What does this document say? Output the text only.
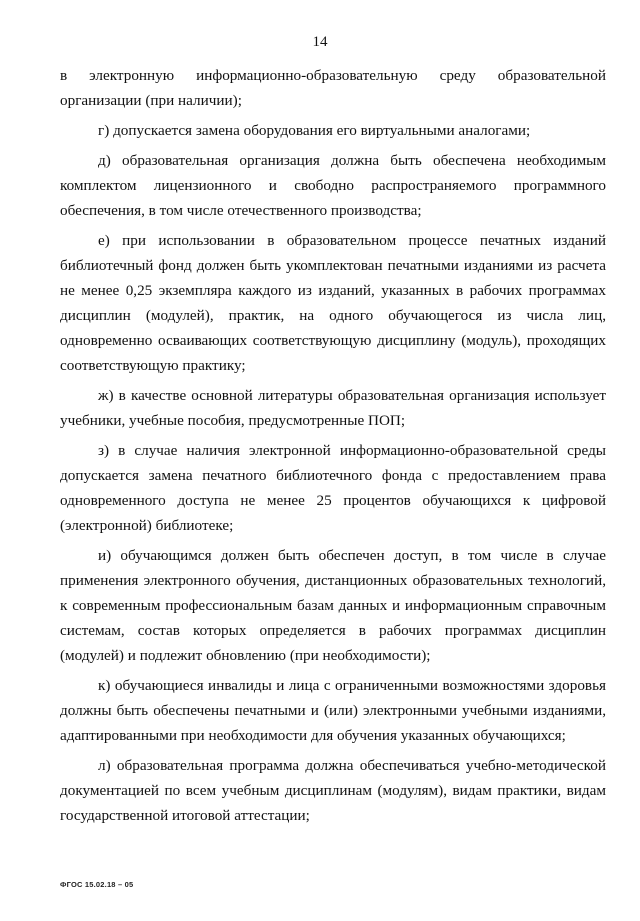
14

в электронную информационно-образовательную среду образовательной организации (при наличии);

г) допускается замена оборудования его виртуальными аналогами;

д) образовательная организация должна быть обеспечена необходимым комплектом лицензионного и свободно распространяемого программного обеспечения, в том числе отечественного производства;

е) при использовании в образовательном процессе печатных изданий библиотечный фонд должен быть укомплектован печатными изданиями из расчета не менее 0,25 экземпляра каждого из изданий, указанных в рабочих программах дисциплин (модулей), практик, на одного обучающегося из числа лиц, одновременно осваивающих соответствующую дисциплину (модуль), проходящих соответствующую практику;

ж) в качестве основной литературы образовательная организация использует учебники, учебные пособия, предусмотренные ПОП;

з) в случае наличия электронной информационно-образовательной среды допускается замена печатного библиотечного фонда с предоставлением права одновременного доступа не менее 25 процентов обучающихся к цифровой (электронной) библиотеке;

и) обучающимся должен быть обеспечен доступ, в том числе в случае применения электронного обучения, дистанционных образовательных технологий, к современным профессиональным базам данных и информационным справочным системам, состав которых определяется в рабочих программах дисциплин (модулей) и подлежит обновлению (при необходимости);

к) обучающиеся инвалиды и лица с ограниченными возможностями здоровья должны быть обеспечены печатными и (или) электронными учебными изданиями, адаптированными при необходимости для обучения указанных обучающихся;

л) образовательная программа должна обеспечиваться учебно-методической документацией по всем учебным дисциплинам (модулям), видам практики, видам государственной итоговой аттестации;

ФГОС 15.02.18 – 05
